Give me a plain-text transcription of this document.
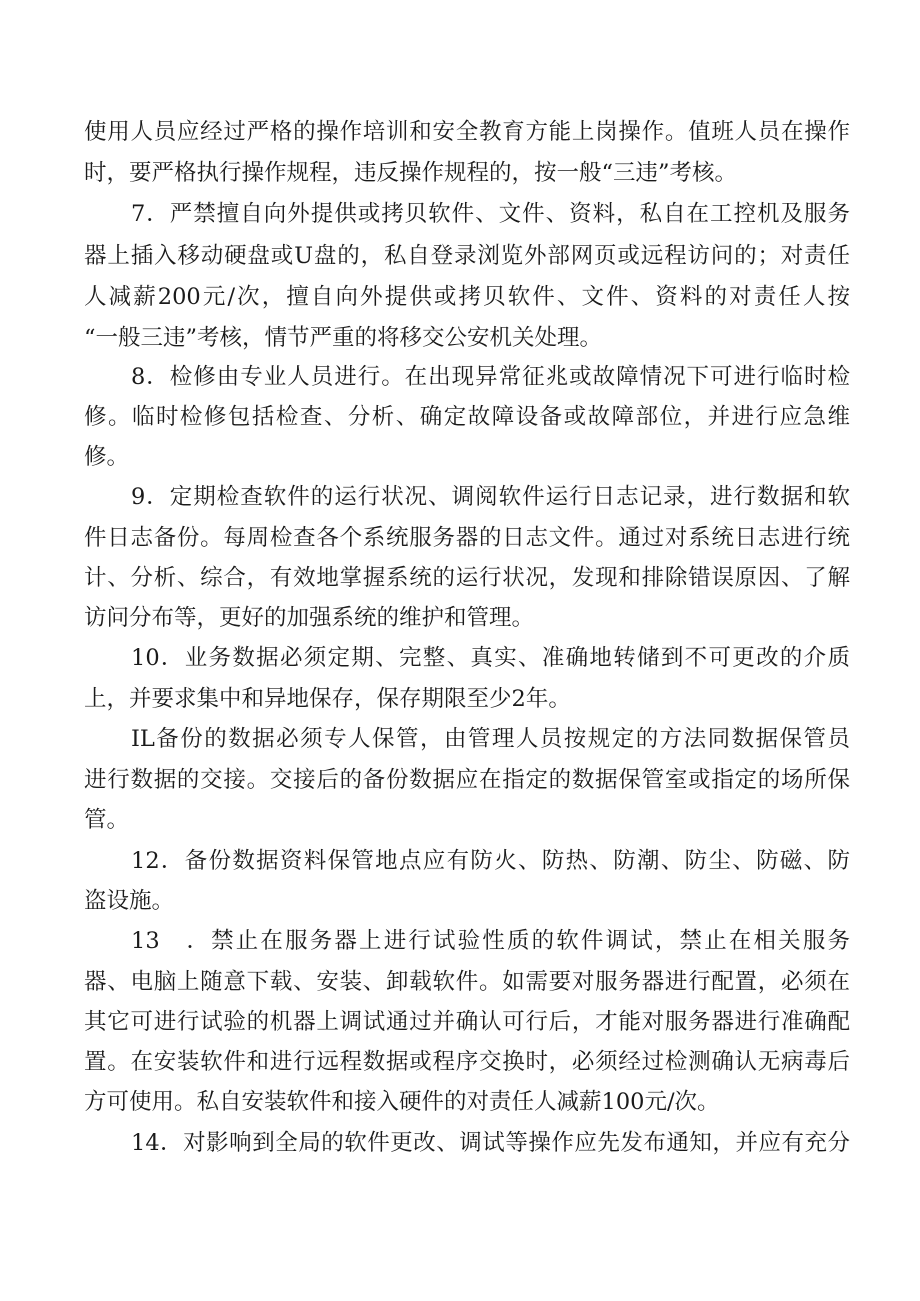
使用人员应经过严格的操作培训和安全教育方能上岗操作。值班人员在操作
时，要严格执行操作规程，违反操作规程的，按一般“三违”考核。
7．严禁擅自向外提供或拷贝软件、文件、资料，私自在工控机及服务
器上插入移动硬盘或U盘的，私自登录浏览外部网页或远程访问的；对责任
人减薪200元/次，擅自向外提供或拷贝软件、文件、资料的对责任人按
“一般三违”考核，情节严重的将移交公安机关处理。
8．检修由专业人员进行。在出现异常征兆或故障情况下可进行临时检
修。临时检修包括检查、分析、确定故障设备或故障部位，并进行应急维
修。
9．定期检查软件的运行状况、调阅软件运行日志记录，进行数据和软
件日志备份。每周检查各个系统服务器的日志文件。通过对系统日志进行统
计、分析、综合，有效地掌握系统的运行状况，发现和排除错误原因、了解
访问分布等，更好的加强系统的维护和管理。
10．业务数据必须定期、完整、真实、准确地转储到不可更改的介质
上，并要求集中和异地保存，保存期限至少2年。
IL备份的数据必须专人保管，由管理人员按规定的方法同数据保管员
进行数据的交接。交接后的备份数据应在指定的数据保管室或指定的场所保
管。
12．备份数据资料保管地点应有防火、防热、防潮、防尘、防磁、防
盗设施。
13　．禁止在服务器上进行试验性质的软件调试，禁止在相关服务
器、电脑上随意下载、安装、卸载软件。如需要对服务器进行配置，必须在
其它可进行试验的机器上调试通过并确认可行后，才能对服务器进行准确配
置。在安装软件和进行远程数据或程序交换时，必须经过检测确认无病毒后
方可使用。私自安装软件和接入硬件的对责任人减薪100元/次。
14．对影响到全局的软件更改、调试等操作应先发布通知，并应有充分
